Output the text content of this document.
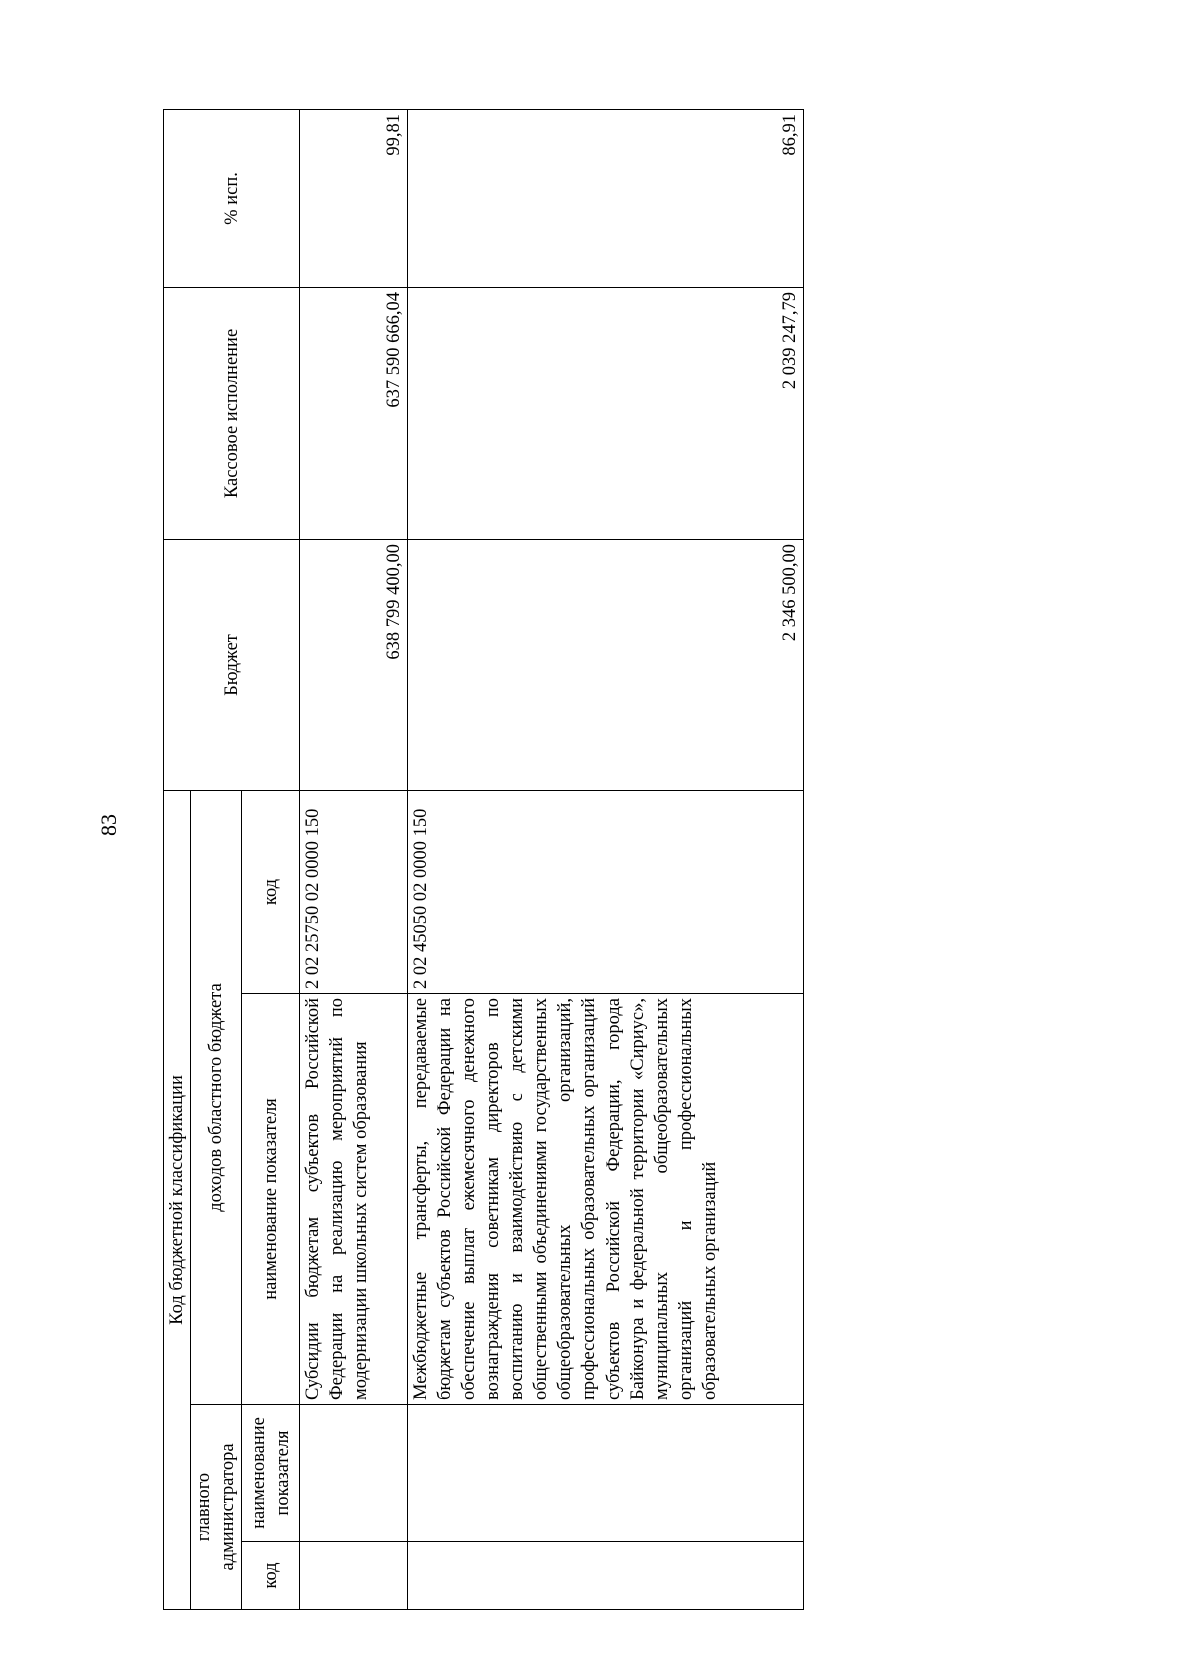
83
Код бюджетной классификации				Бюджет	Кассовое исполнение	% исп.
главного администратора		доходов областного бюджета				
код	наименование показателя	наименование показателя	код			
		Субсидии бюджетам субъектов Российской Федерации на реализацию мероприятий по модернизации школьных систем образования	2 02 25750 02 0000 150	638 799 400,00	637 590 666,04	99,81
		Межбюджетные трансферты, передаваемые бюджетам субъектов Российской Федерации на обеспечение выплат ежемесячного денежного вознаграждения советникам директоров по воспитанию и взаимодействию с детскими общественными объединениями государственных общеобразовательных организаций, профессиональных образовательных организаций субъектов Российской Федерации, города Байконура и федеральной территории «Сириус», муниципальных общеобразовательных организаций и профессиональных образовательных организаций	2 02 45050 02 0000 150	2 346 500,00	2 039 247,79	86,91
